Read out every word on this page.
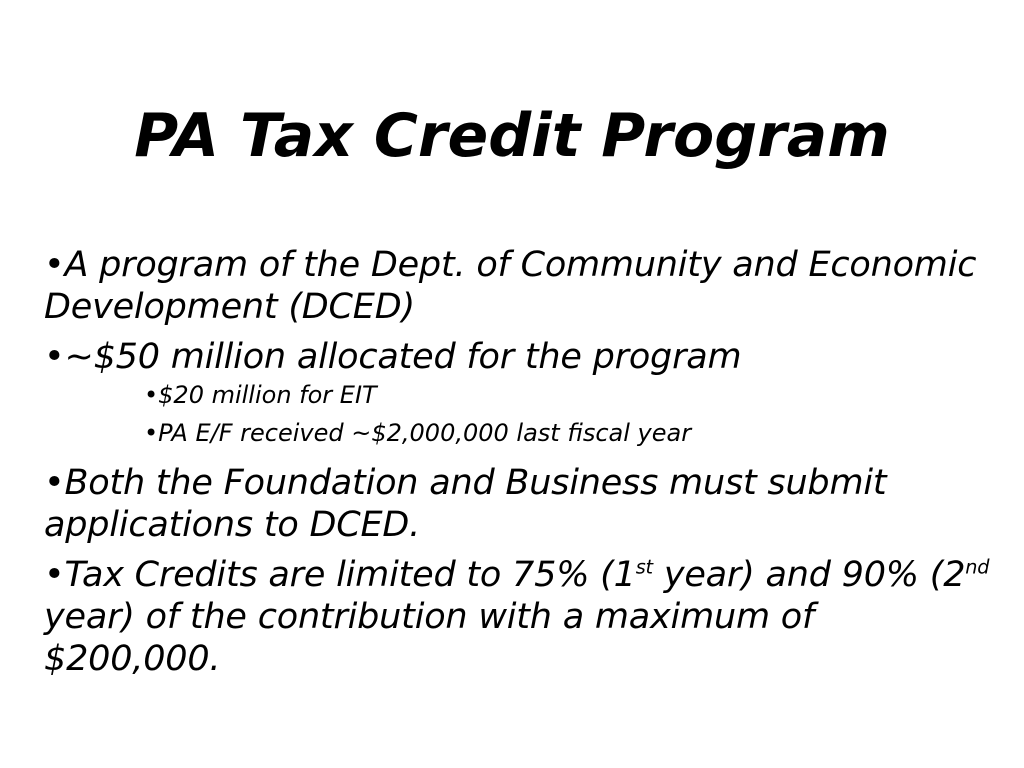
PA Tax Credit Program

•A program of the Dept. of Community and Economic Development (DCED)

•~$50 million allocated for the program

•$20 million for EIT

•PA E/F received ~$2,000,000 last fiscal year

•Both the Foundation and Business must submit applications to DCED.

•Tax Credits are limited to 75% (1st year) and 90% (2nd year) of the contribution with a maximum of $200,000.
